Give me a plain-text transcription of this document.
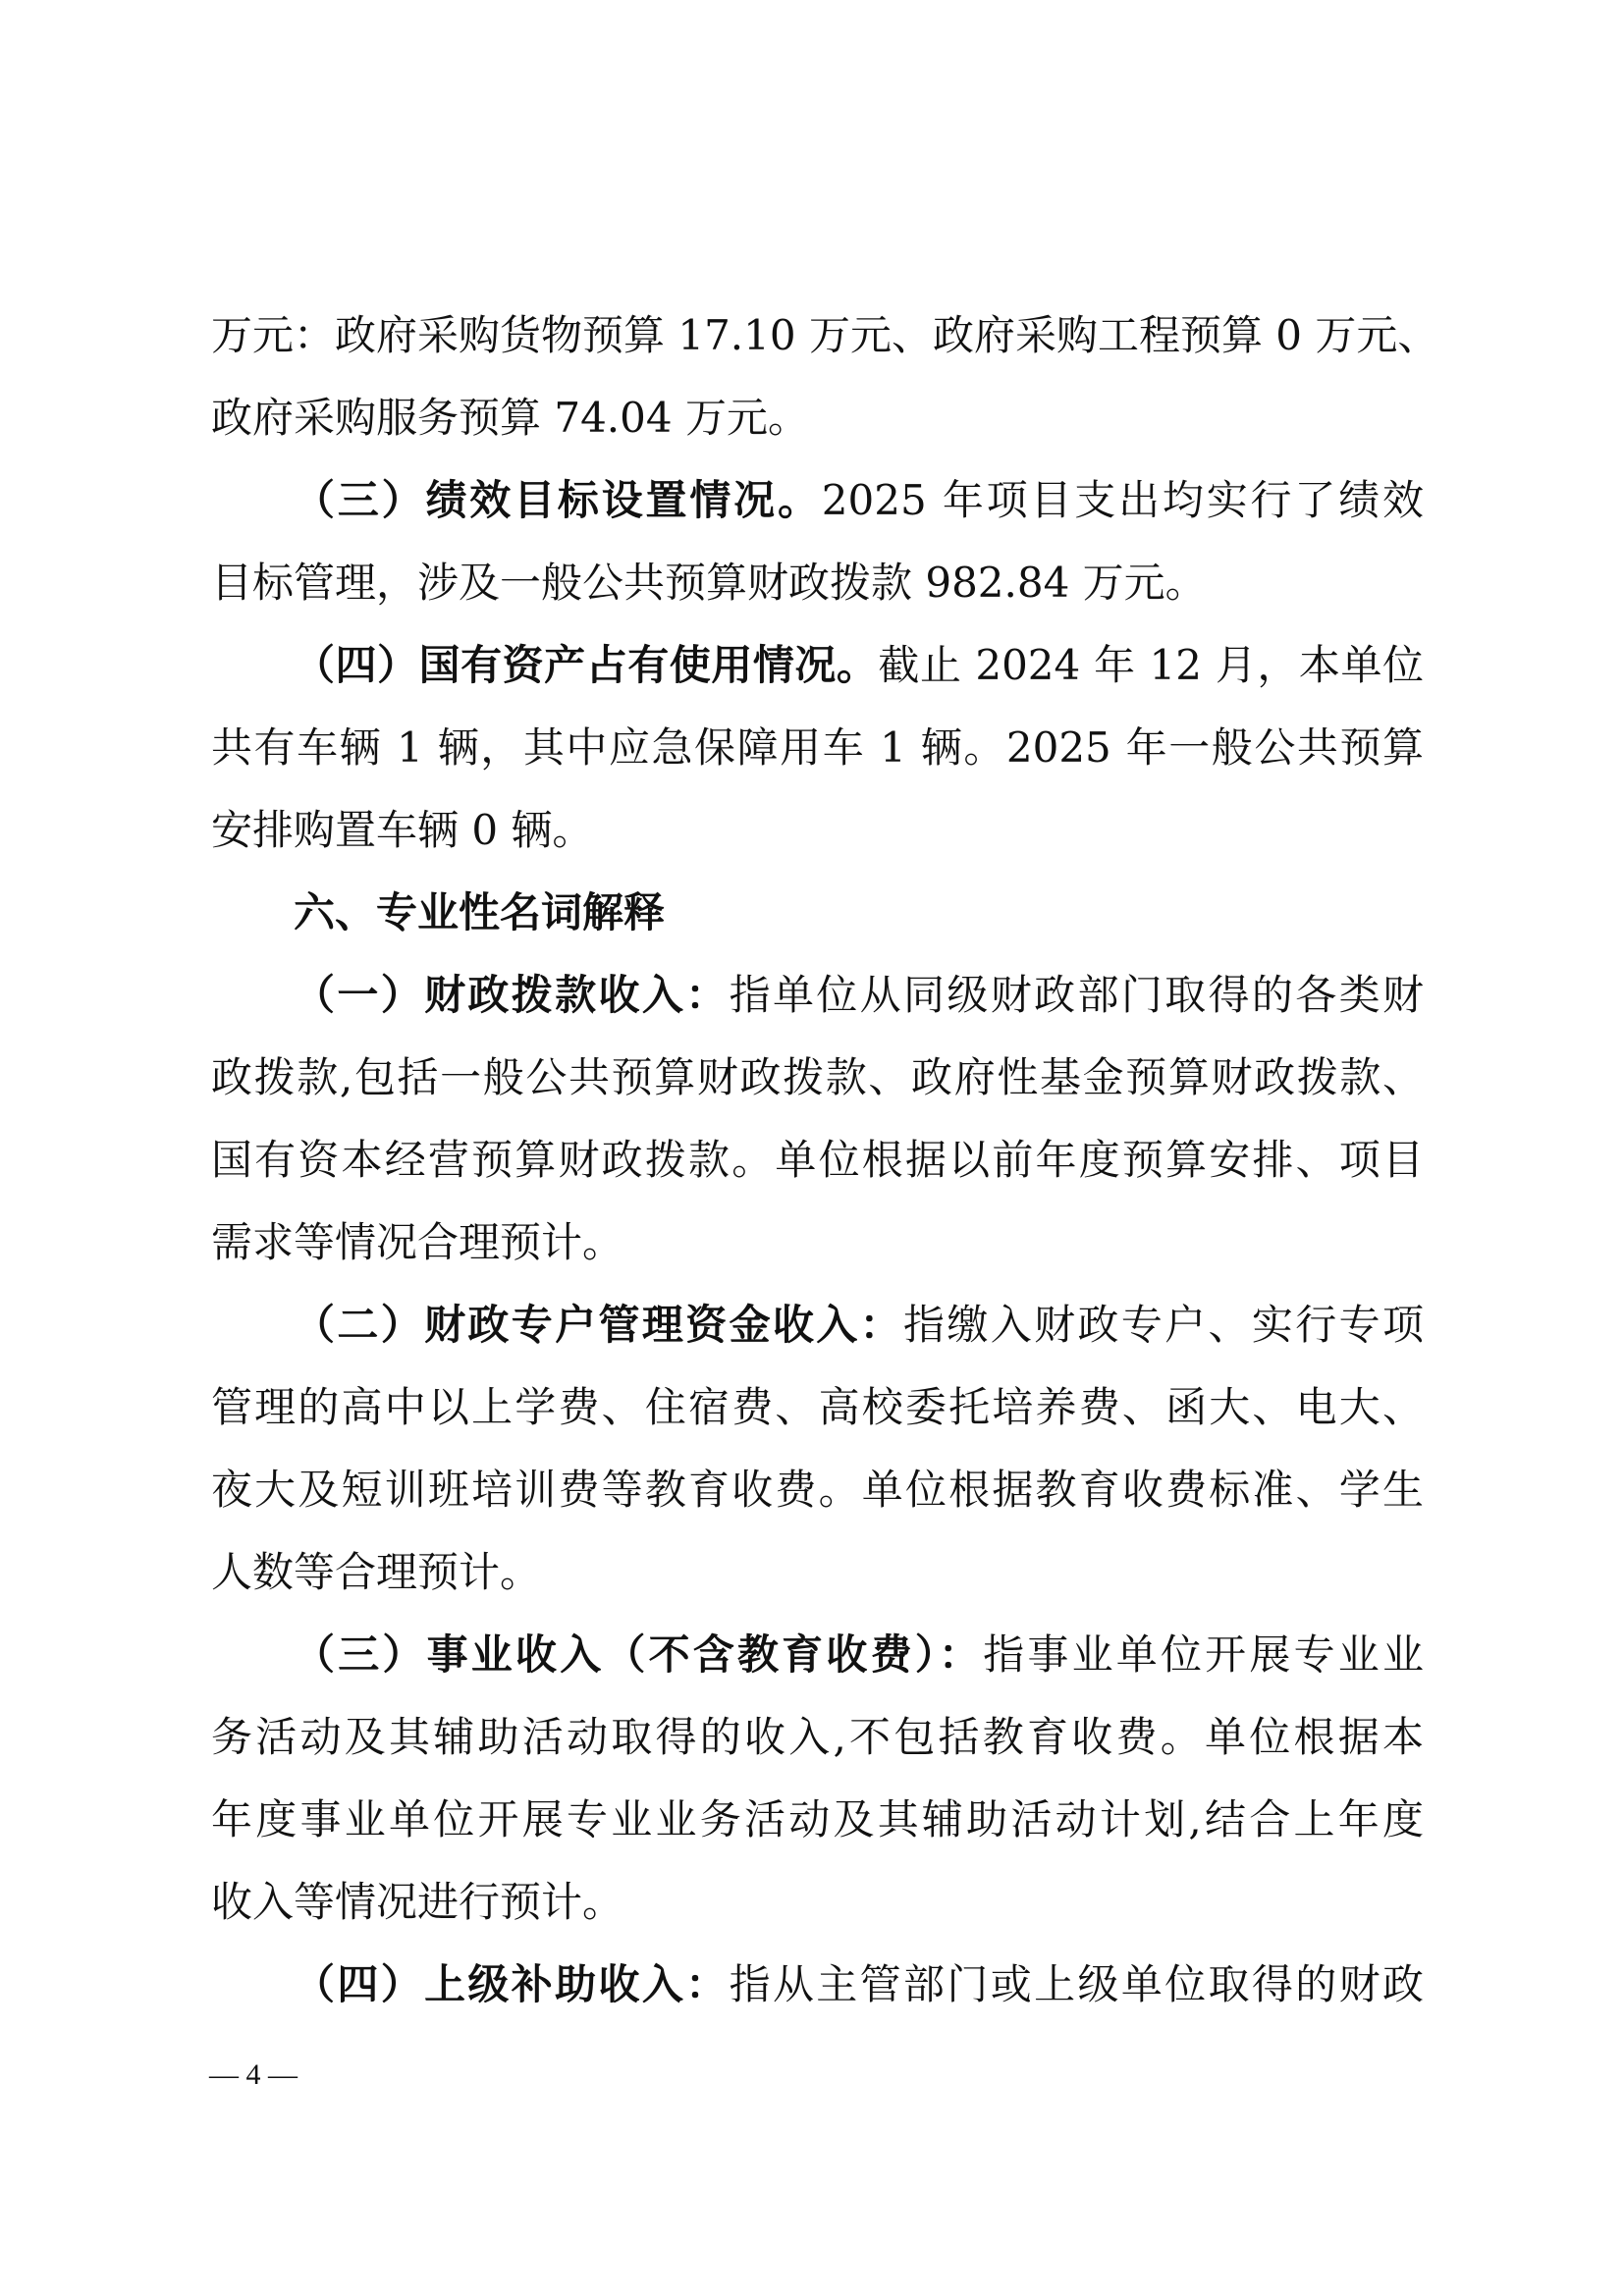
万元：政府采购货物预算 17.10 万元、政府采购工程预算 0 万元、
政府采购服务预算 74.04 万元。
（三）绩效目标设置情况。2025 年项目支出均实行了绩效
目标管理，涉及一般公共预算财政拨款 982.84 万元。
（四）国有资产占有使用情况。截止 2024 年 12 月，本单位
共有车辆 1 辆，其中应急保障用车 1 辆。2025 年一般公共预算
安排购置车辆 0 辆。
六、专业性名词解释
（一）财政拨款收入：指单位从同级财政部门取得的各类财
政拨款,包括一般公共预算财政拨款、政府性基金预算财政拨款、
国有资本经营预算财政拨款。单位根据以前年度预算安排、项目
需求等情况合理预计。
（二）财政专户管理资金收入：指缴入财政专户、实行专项
管理的高中以上学费、住宿费、高校委托培养费、函大、电大、
夜大及短训班培训费等教育收费。单位根据教育收费标准、学生
人数等合理预计。
（三）事业收入（不含教育收费）：指事业单位开展专业业
务活动及其辅助活动取得的收入,不包括教育收费。单位根据本
年度事业单位开展专业业务活动及其辅助活动计划,结合上年度
收入等情况进行预计。
（四）上级补助收入：指从主管部门或上级单位取得的财政
— 4 —
